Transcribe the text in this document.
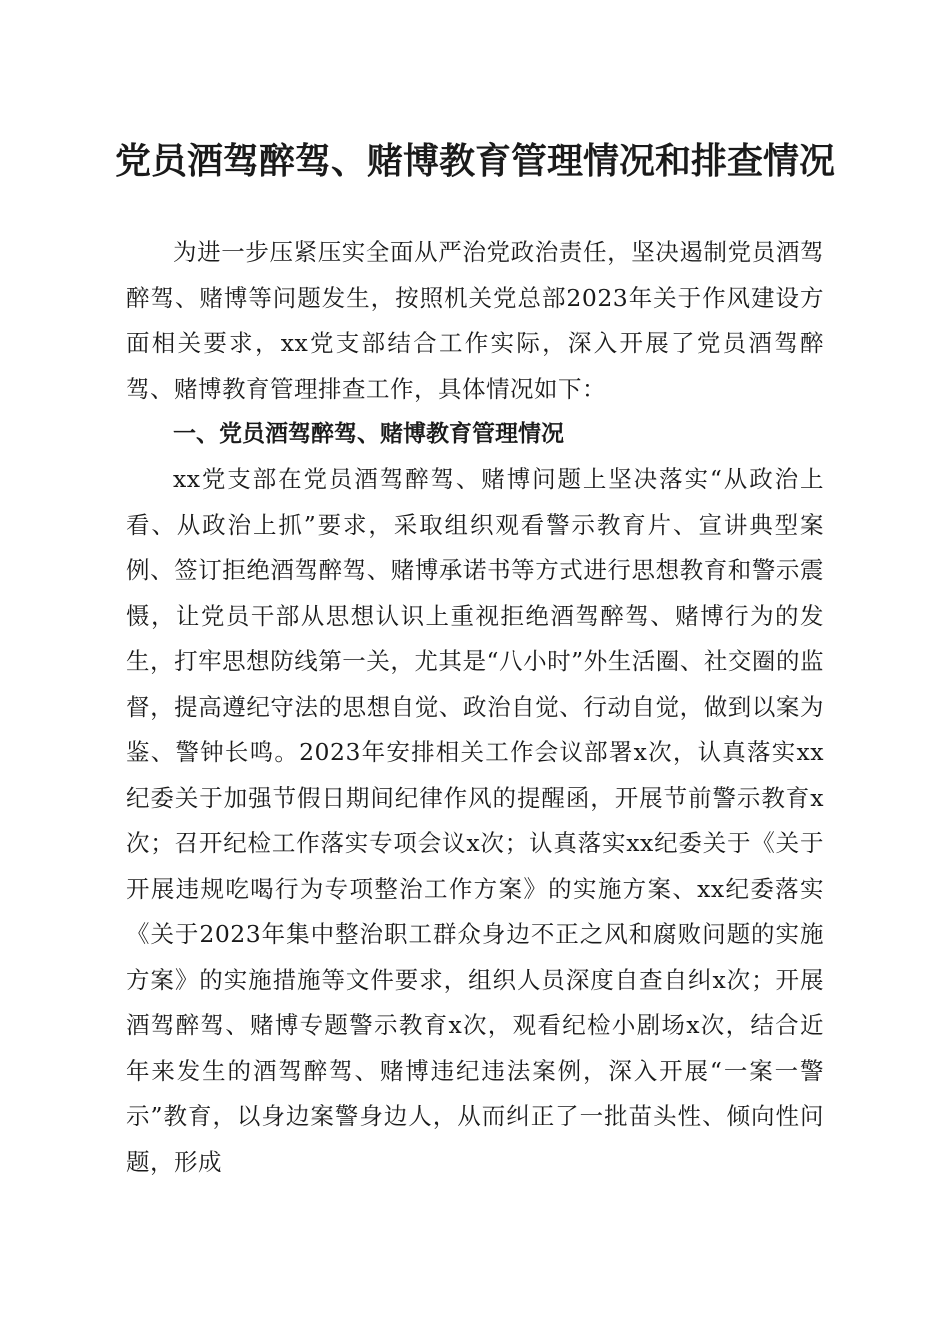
党员酒驾醉驾、赌博教育管理情况和排查情况

为进一步压紧压实全面从严治党政治责任，坚决遏制党员酒驾醉驾、赌博等问题发生，按照机关党总部2023年关于作风建设方面相关要求，xx党支部结合工作实际，深入开展了党员酒驾醉驾、赌博教育管理排查工作，具体情况如下：

一、党员酒驾醉驾、赌博教育管理情况

xx党支部在党员酒驾醉驾、赌博问题上坚决落实“从政治上看、从政治上抓”要求，采取组织观看警示教育片、宣讲典型案例、签订拒绝酒驾醉驾、赌博承诺书等方式进行思想教育和警示震慑，让党员干部从思想认识上重视拒绝酒驾醉驾、赌博行为的发生，打牢思想防线第一关，尤其是“八小时”外生活圈、社交圈的监督，提高遵纪守法的思想自觉、政治自觉、行动自觉，做到以案为鉴、警钟长鸣。2023年安排相关工作会议部署x次，认真落实xx纪委关于加强节假日期间纪律作风的提醒函，开展节前警示教育x次；召开纪检工作落实专项会议x次；认真落实xx纪委关于《关于开展违规吃喝行为专项整治工作方案》的实施方案、xx纪委落实《关于2023年集中整治职工群众身边不正之风和腐败问题的实施方案》的实施措施等文件要求，组织人员深度自查自纠x次；开展酒驾醉驾、赌博专题警示教育x次，观看纪检小剧场x次，结合近年来发生的酒驾醉驾、赌博违纪违法案例，深入开展“一案一警示”教育，以身边案警身边人，从而纠正了一批苗头性、倾向性问题，形成
